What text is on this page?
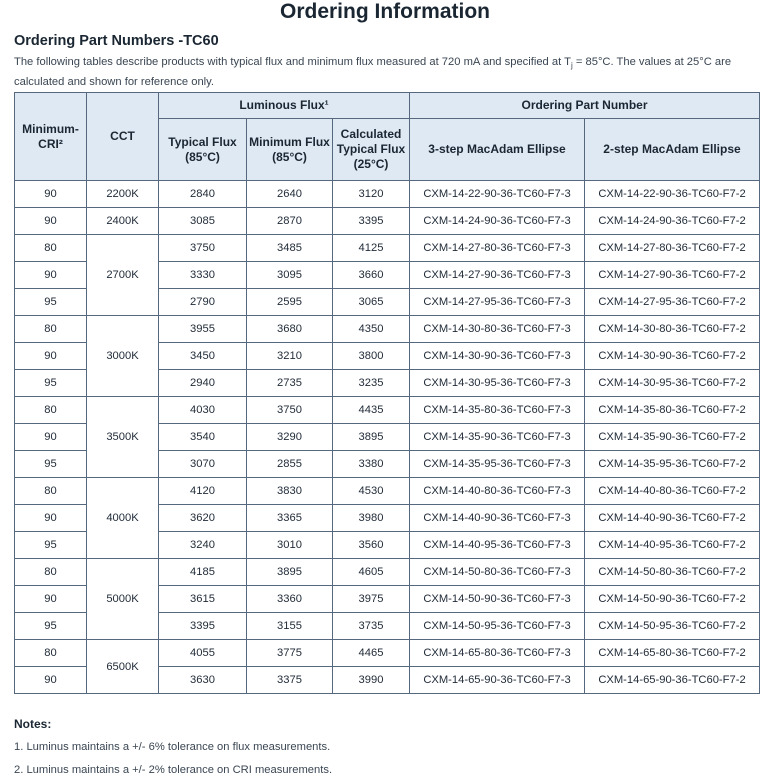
Ordering Information
Ordering Part Numbers -TC60
The following tables describe products with typical flux and minimum flux measured at 720 mA and specified at $T_j = 85^\circ C$. The values at 25°C are calculated and shown for reference only.
Minimum-CRI²	CCT	Luminous Flux¹			Ordering Part Number	
		Typical Flux (85°C)	Minimum Flux (85°C)	Calculated Typical Flux (25°C)	3-step MacAdam Ellipse	2-step MacAdam Ellipse
90	2200K	2840	2640	3120	CXM-14-22-90-36-TC60-F7-3	CXM-14-22-90-36-TC60-F7-2
90	2400K	3085	2870	3395	CXM-14-24-90-36-TC60-F7-3	CXM-14-24-90-36-TC60-F7-2
80	2700K	3750	3485	4125	CXM-14-27-80-36-TC60-F7-3	CXM-14-27-80-36-TC60-F7-2
90		3330	3095	3660	CXM-14-27-90-36-TC60-F7-3	CXM-14-27-90-36-TC60-F7-2
95		2790	2595	3065	CXM-14-27-95-36-TC60-F7-3	CXM-14-27-95-36-TC60-F7-2
80	3000K	3955	3680	4350	CXM-14-30-80-36-TC60-F7-3	CXM-14-30-80-36-TC60-F7-2
90		3450	3210	3800	CXM-14-30-90-36-TC60-F7-3	CXM-14-30-90-36-TC60-F7-2
95		2940	2735	3235	CXM-14-30-95-36-TC60-F7-3	CXM-14-30-95-36-TC60-F7-2
80	3500K	4030	3750	4435	CXM-14-35-80-36-TC60-F7-3	CXM-14-35-80-36-TC60-F7-2
90		3540	3290	3895	CXM-14-35-90-36-TC60-F7-3	CXM-14-35-90-36-TC60-F7-2
95		3070	2855	3380	CXM-14-35-95-36-TC60-F7-3	CXM-14-35-95-36-TC60-F7-2
80	4000K	4120	3830	4530	CXM-14-40-80-36-TC60-F7-3	CXM-14-40-80-36-TC60-F7-2
90		3620	3365	3980	CXM-14-40-90-36-TC60-F7-3	CXM-14-40-90-36-TC60-F7-2
95		3240	3010	3560	CXM-14-40-95-36-TC60-F7-3	CXM-14-40-95-36-TC60-F7-2
80	5000K	4185	3895	4605	CXM-14-50-80-36-TC60-F7-3	CXM-14-50-80-36-TC60-F7-2
90		3615	3360	3975	CXM-14-50-90-36-TC60-F7-3	CXM-14-50-90-36-TC60-F7-2
95		3395	3155	3735	CXM-14-50-95-36-TC60-F7-3	CXM-14-50-95-36-TC60-F7-2
80	6500K	4055	3775	4465	CXM-14-65-80-36-TC60-F7-3	CXM-14-65-80-36-TC60-F7-2
90		3630	3375	3990	CXM-14-65-90-36-TC60-F7-3	CXM-14-65-90-36-TC60-F7-2
Notes:
1. Luminus maintains a +/- 6% tolerance on flux measurements.
2. Luminus maintains a +/- 2% tolerance on CRI measurements.
